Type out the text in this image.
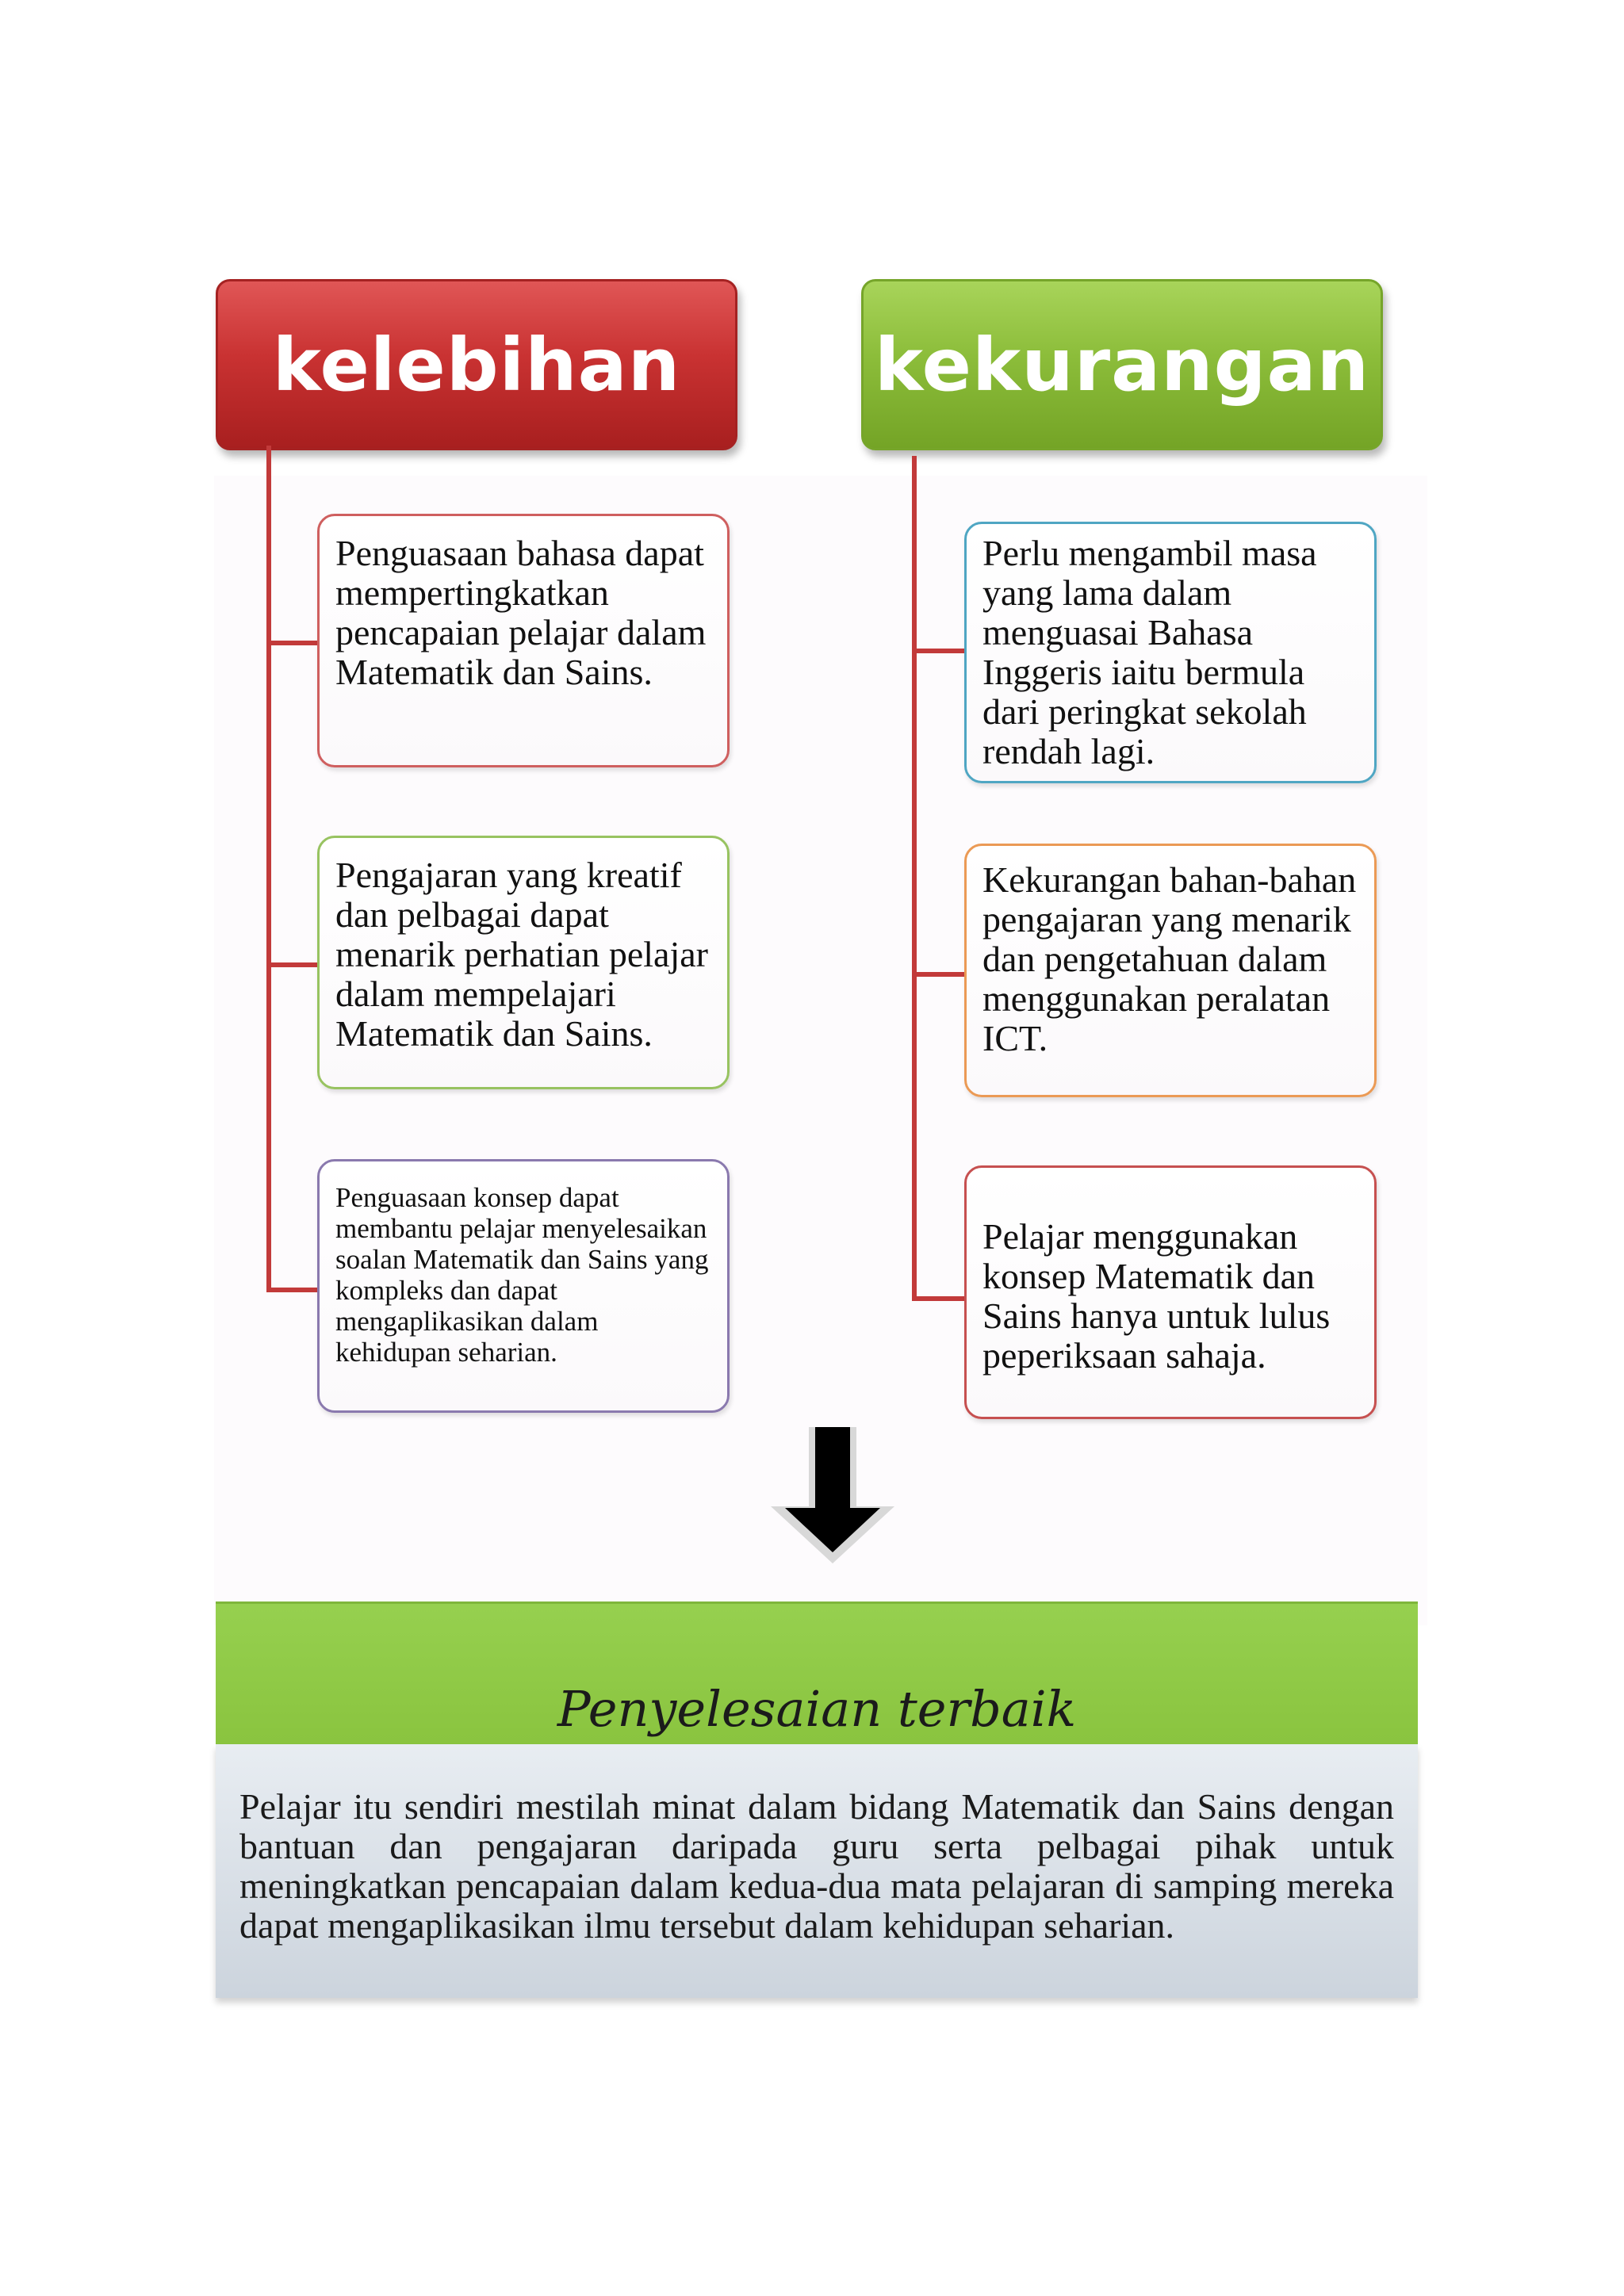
kelebihan
Penguasaan bahasa dapat mempertingkatkan pencapaian pelajar dalam Matematik dan Sains.
Pengajaran yang kreatif dan pelbagai dapat menarik perhatian pelajar dalam mempelajari Matematik dan Sains.
Penguasaan konsep dapat membantu pelajar menyelesaikan soalan Matematik dan Sains yang kompleks dan dapat mengaplikasikan dalam kehidupan seharian.
kekurangan
Perlu mengambil masa yang lama dalam menguasai Bahasa Inggeris iaitu bermula dari peringkat sekolah rendah lagi.
Kekurangan bahan-bahan pengajaran yang menarik dan pengetahuan dalam menggunakan peralatan ICT.
Pelajar menggunakan konsep Matematik dan Sains hanya untuk lulus peperiksaan sahaja.
Penyelesaian terbaik
Pelajar itu sendiri mestilah minat dalam bidang Matematik dan Sains dengan bantuan dan pengajaran daripada guru serta pelbagai pihak untuk meningkatkan pencapaian dalam kedua-dua mata pelajaran di samping mereka dapat mengaplikasikan ilmu tersebut dalam kehidupan seharian.
